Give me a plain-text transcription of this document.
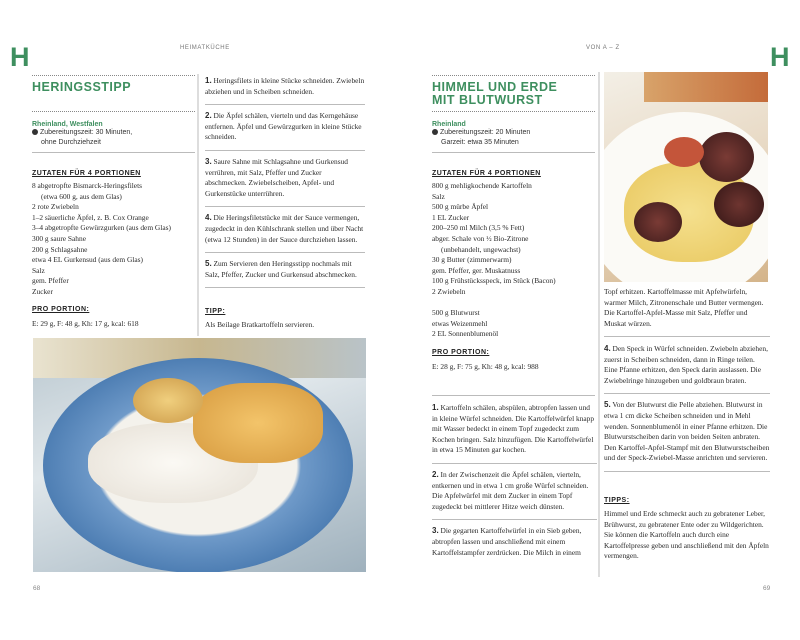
H	HEIMATKÜCHE
HERINGSSTIPP
Rheinland, Westfalen
Zubereitungszeit: 30 Minuten,
ohne Durchziehzeit
ZUTATEN FÜR 4 PORTIONEN
8 abgetropfte Bismarck-Heringsfilets
(etwa 600 g, aus dem Glas)
2 rote Zwiebeln
1–2 säuerliche Äpfel, z. B. Cox Orange
3–4 abgetropfte Gewürzgurken (aus dem Glas)
300 g saure Sahne
200 g Schlagsahne
etwa 4 EL Gurkensud (aus dem Glas)
Salz
gem. Pfeffer
Zucker
PRO PORTION:
E: 29 g, F: 48 g, Kh: 17 g, kcal: 618
1. Heringsfilets in kleine Stücke schneiden. Zwiebeln abziehen und in Scheiben schneiden.
2. Die Äpfel schälen, vierteln und das Kerngehäuse entfernen. Äpfel und Gewürzgurken in kleine Stücke schneiden.
3. Saure Sahne mit Schlagsahne und Gurkensud verrühren, mit Salz, Pfeffer und Zucker abschmecken. Zwiebelscheiben, Apfel- und Gurkenstücke unterrühren.
4. Die Heringsfiletstücke mit der Sauce vermengen, zugedeckt in den Kühlschrank stellen und über Nacht (etwa 12 Stunden) in der Sauce durchziehen lassen.
5. Zum Servieren den Heringsstipp nochmals mit Salz, Pfeffer, Zucker und Gurkensud abschmecken.
TIPP:
Als Beilage Bratkartoffeln servieren.
68
VON A – Z	H
HIMMEL UND ERDE
MIT BLUTWURST
Rheinland
Zubereitungszeit: 20 Minuten
Garzeit: etwa 35 Minuten
ZUTATEN FÜR 4 PORTIONEN
800 g mehligkochende Kartoffeln
Salz
500 g mürbe Äpfel
1 EL Zucker
200–250 ml Milch (3,5 % Fett)
abger. Schale von ½ Bio-Zitrone
(unbehandelt, ungewachst)
30 g Butter (zimmerwarm)
gem. Pfeffer, ger. Muskatnuss
100 g Frühstücksspeck, im Stück (Bacon)
2 Zwiebeln
500 g Blutwurst
etwas Weizenmehl
2 EL Sonnenblumenöl
PRO PORTION:
E: 28 g, F: 75 g, Kh: 48 g, kcal: 988
1. Kartoffeln schälen, abspülen, abtropfen lassen und in kleine Würfel schneiden. Die Kartoffelwürfel knapp mit Wasser bedeckt in einem Topf zugedeckt zum Kochen bringen. Salz hinzufügen. Die Kartoffelwürfel in etwa 15 Minuten gar kochen.
2. In der Zwischenzeit die Äpfel schälen, vierteln, entkernen und in etwa 1 cm große Würfel schneiden. Die Apfelwürfel mit dem Zucker in einem Topf zugedeckt bei mittlerer Hitze weich dünsten.
3. Die gegarten Kartoffelwürfel in ein Sieb geben, abtropfen lassen und anschließend mit einem Kartoffelstampfer zerdrücken. Die Milch in einem
Topf erhitzen. Kartoffelmasse mit Apfelwürfeln, warmer Milch, Zitronenschale und Butter vermengen. Die Kartoffel-Apfel-Masse mit Salz, Pfeffer und Muskat würzen.
4. Den Speck in Würfel schneiden. Zwiebeln abziehen, zuerst in Scheiben schneiden, dann in Ringe teilen. Eine Pfanne erhitzen, den Speck darin auslassen. Die Zwiebelringe hinzugeben und goldbraun braten.
5. Von der Blutwurst die Pelle abziehen. Blutwurst in etwa 1 cm dicke Scheiben schneiden und in Mehl wenden. Sonnenblumenöl in einer Pfanne erhitzen. Die Blutwurstscheiben darin von beiden Seiten anbraten. Den Kartoffel-Apfel-Stampf mit den Blutwurstscheiben und der Speck-Zwiebel-Masse anrichten und servieren.
TIPPS:
Himmel und Erde schmeckt auch zu gebratener Leber, Brühwurst, zu gebratener Ente oder zu Wildgerichten.
Sie können die Kartoffeln auch durch eine Kartoffelpresse geben und anschließend mit den Äpfeln vermengen.
69
